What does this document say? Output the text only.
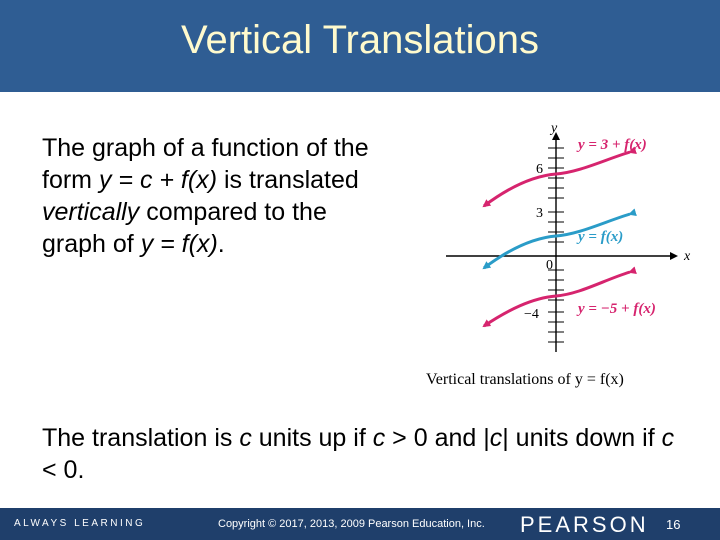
Vertical Translations
The graph of a function of the form y = c + f(x) is translated vertically compared to the graph of y = f(x).
y
x
6
3
0
−4
y = 3 + f(x)
y = f(x)
y = −5 + f(x)
Vertical translations of y = f(x)
The translation is c units up if c > 0 and |c| units down if c < 0.
ALWAYS LEARNING	Copyright © 2017, 2013, 2009 Pearson Education, Inc. PEARSON 16
